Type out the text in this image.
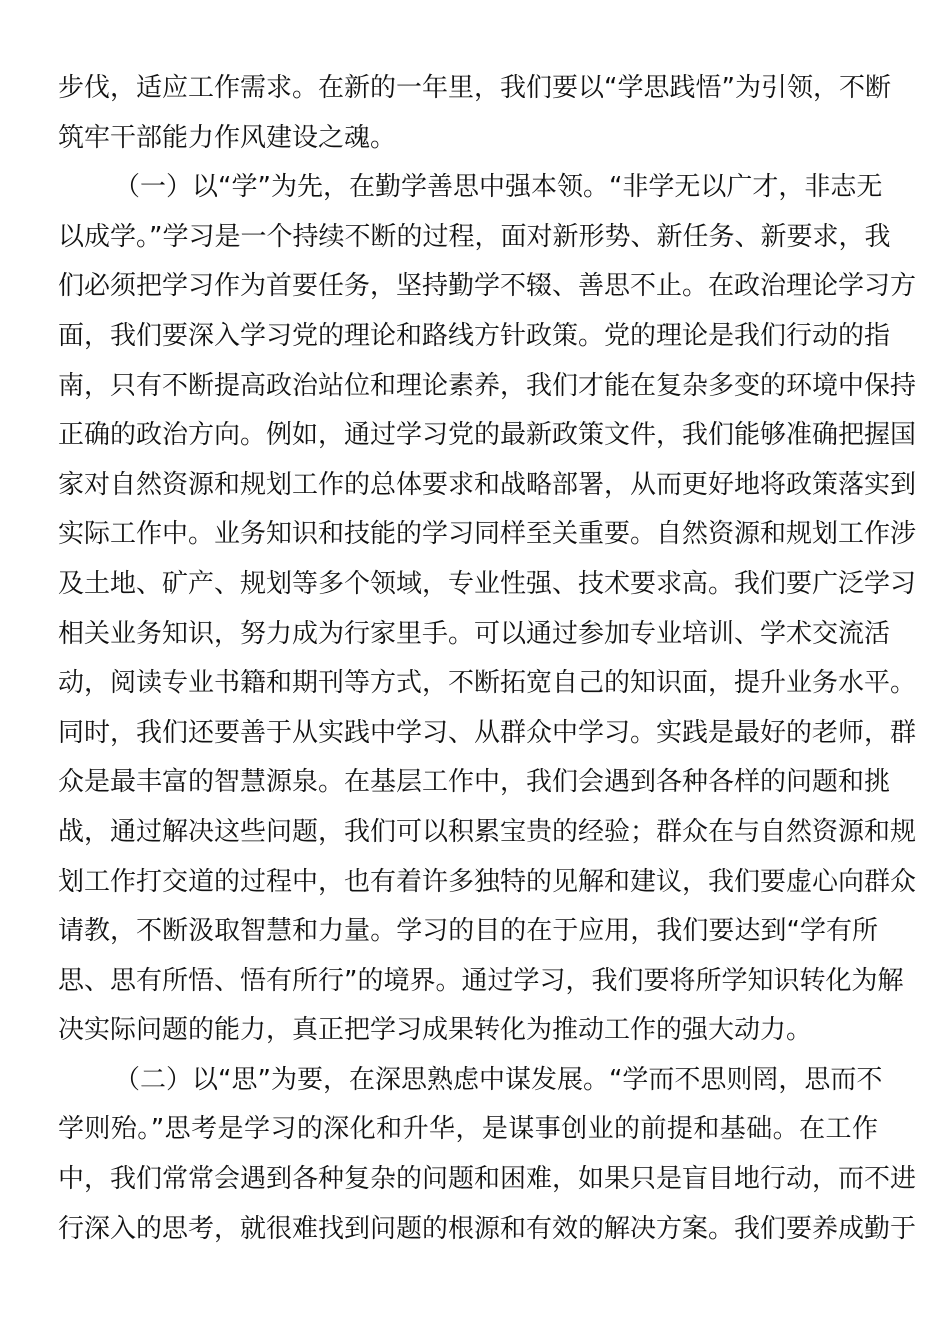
步伐，适应工作需求。在新的一年里，我们要以“学思践悟”为引领，不断
筑牢干部能力作风建设之魂。
（一）以“学”为先，在勤学善思中强本领。“非学无以广才，非志无
以成学。”学习是一个持续不断的过程，面对新形势、新任务、新要求，我
们必须把学习作为首要任务，坚持勤学不辍、善思不止。在政治理论学习方
面，我们要深入学习党的理论和路线方针政策。党的理论是我们行动的指
南，只有不断提高政治站位和理论素养，我们才能在复杂多变的环境中保持
正确的政治方向。例如，通过学习党的最新政策文件，我们能够准确把握国
家对自然资源和规划工作的总体要求和战略部署，从而更好地将政策落实到
实际工作中。业务知识和技能的学习同样至关重要。自然资源和规划工作涉
及土地、矿产、规划等多个领域，专业性强、技术要求高。我们要广泛学习
相关业务知识，努力成为行家里手。可以通过参加专业培训、学术交流活
动，阅读专业书籍和期刊等方式，不断拓宽自己的知识面，提升业务水平。
同时，我们还要善于从实践中学习、从群众中学习。实践是最好的老师，群
众是最丰富的智慧源泉。在基层工作中，我们会遇到各种各样的问题和挑
战，通过解决这些问题，我们可以积累宝贵的经验；群众在与自然资源和规
划工作打交道的过程中，也有着许多独特的见解和建议，我们要虚心向群众
请教，不断汲取智慧和力量。学习的目的在于应用，我们要达到“学有所
思、思有所悟、悟有所行”的境界。通过学习，我们要将所学知识转化为解
决实际问题的能力，真正把学习成果转化为推动工作的强大动力。
（二）以“思”为要，在深思熟虑中谋发展。“学而不思则罔，思而不
学则殆。”思考是学习的深化和升华，是谋事创业的前提和基础。在工作
中，我们常常会遇到各种复杂的问题和困难，如果只是盲目地行动，而不进
行深入的思考，就很难找到问题的根源和有效的解决方案。我们要养成勤于
